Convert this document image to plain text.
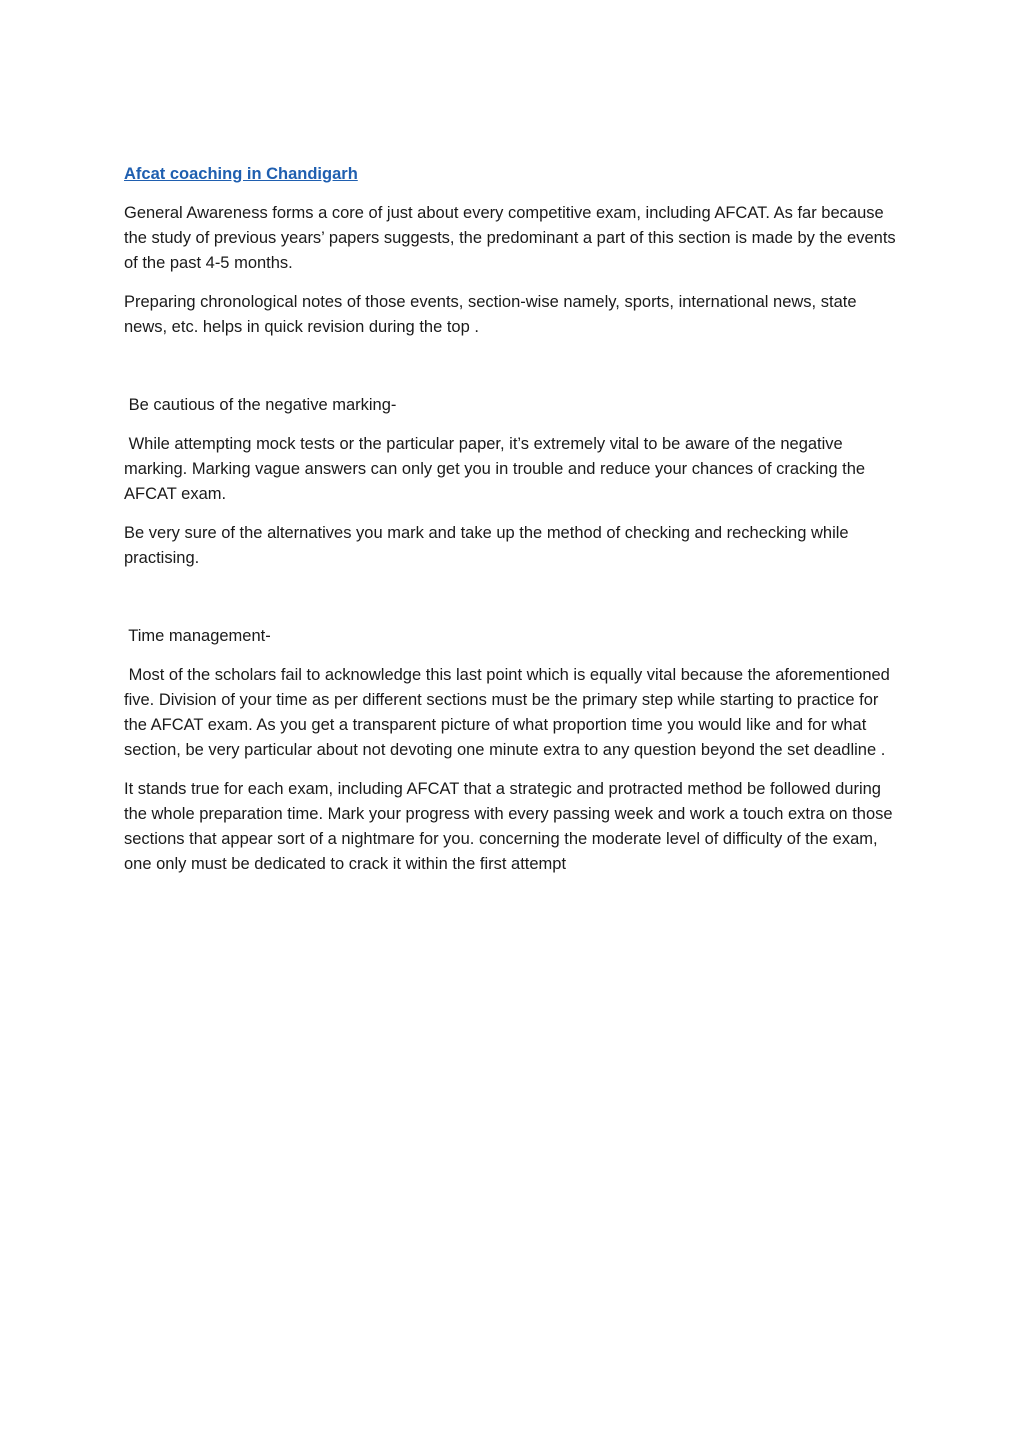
Afcat coaching in Chandigarh

General Awareness forms a core of just about every competitive exam, including AFCAT. As far because the study of previous years’ papers suggests, the predominant a part of this section is made by the events of the past 4-5 months.

Preparing chronological notes of those events, section-wise namely, sports, international news, state news, etc. helps in quick revision during the top .

Be cautious of the negative marking-

While attempting mock tests or the particular paper, it’s extremely vital to be aware of the negative marking. Marking vague answers can only get you in trouble and reduce your chances of cracking the AFCAT exam.

Be very sure of the alternatives you mark and take up the method of checking and rechecking while practising.

Time management-

Most of the scholars fail to acknowledge this last point which is equally vital because the aforementioned five. Division of your time as per different sections must be the primary step while starting to practice for the AFCAT exam. As you get a transparent picture of what proportion time you would like and for what section, be very particular about not devoting one minute extra to any question beyond the set deadline .

It stands true for each exam, including AFCAT that a strategic and protracted method be followed during the whole preparation time. Mark your progress with every passing week and work a touch extra on those sections that appear sort of a nightmare for you. concerning the moderate level of difficulty of the exam, one only must be dedicated to crack it within the first attempt
